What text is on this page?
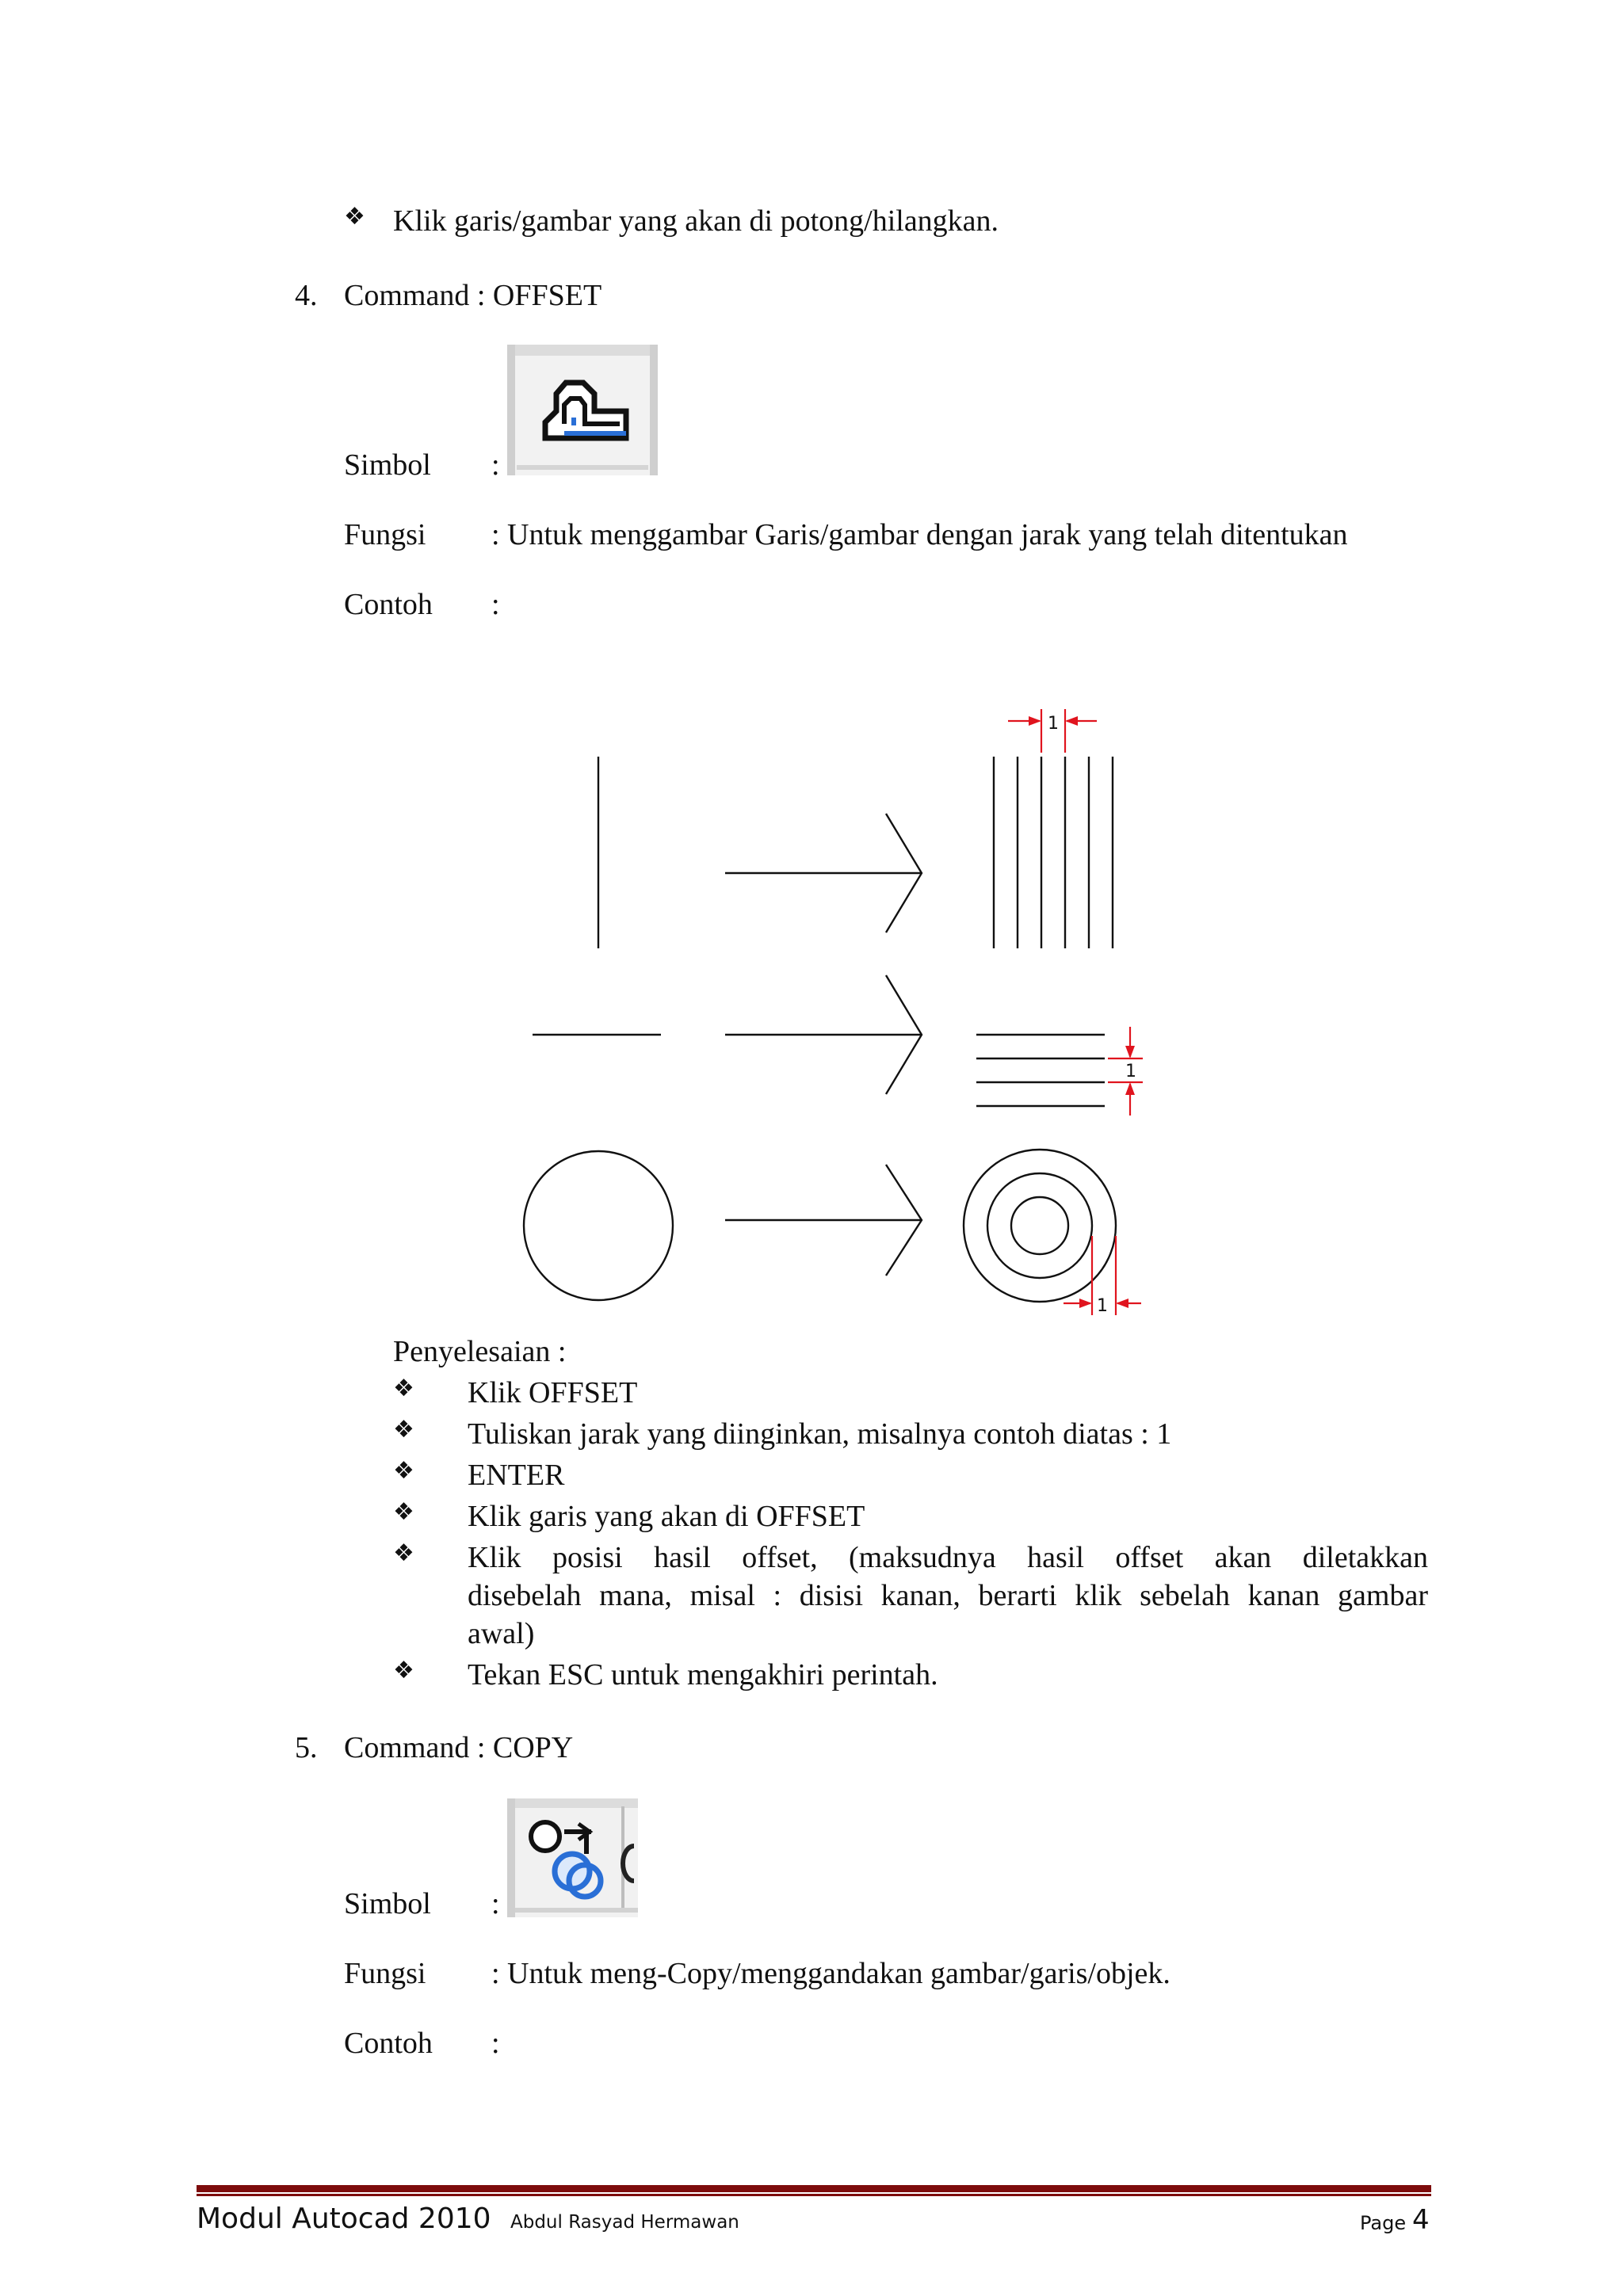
❖ Klik garis/gambar yang akan di potong/hilangkan.
4. Command : OFFSET
Simbol :
Fungsi : Untuk menggambar Garis/gambar dengan jarak yang telah ditentukan
Contoh :
1
1
1
Penyelesaian :
❖ Klik OFFSET
❖ Tuliskan jarak yang diinginkan, misalnya contoh diatas : 1
❖ ENTER
❖ Klik garis yang akan di OFFSET
❖ Klik posisi hasil offset, (maksudnya hasil offset akan diletakkan
disebelah mana, misal : disisi kanan, berarti klik sebelah kanan gambar
awal)
❖ Tekan ESC untuk mengakhiri perintah.
5. Command : COPY
Simbol :
Fungsi : Untuk meng-Copy/menggandakan gambar/garis/objek.
Contoh :
Modul Autocad 2010 Abdul Rasyad Hermawan	Page 4
